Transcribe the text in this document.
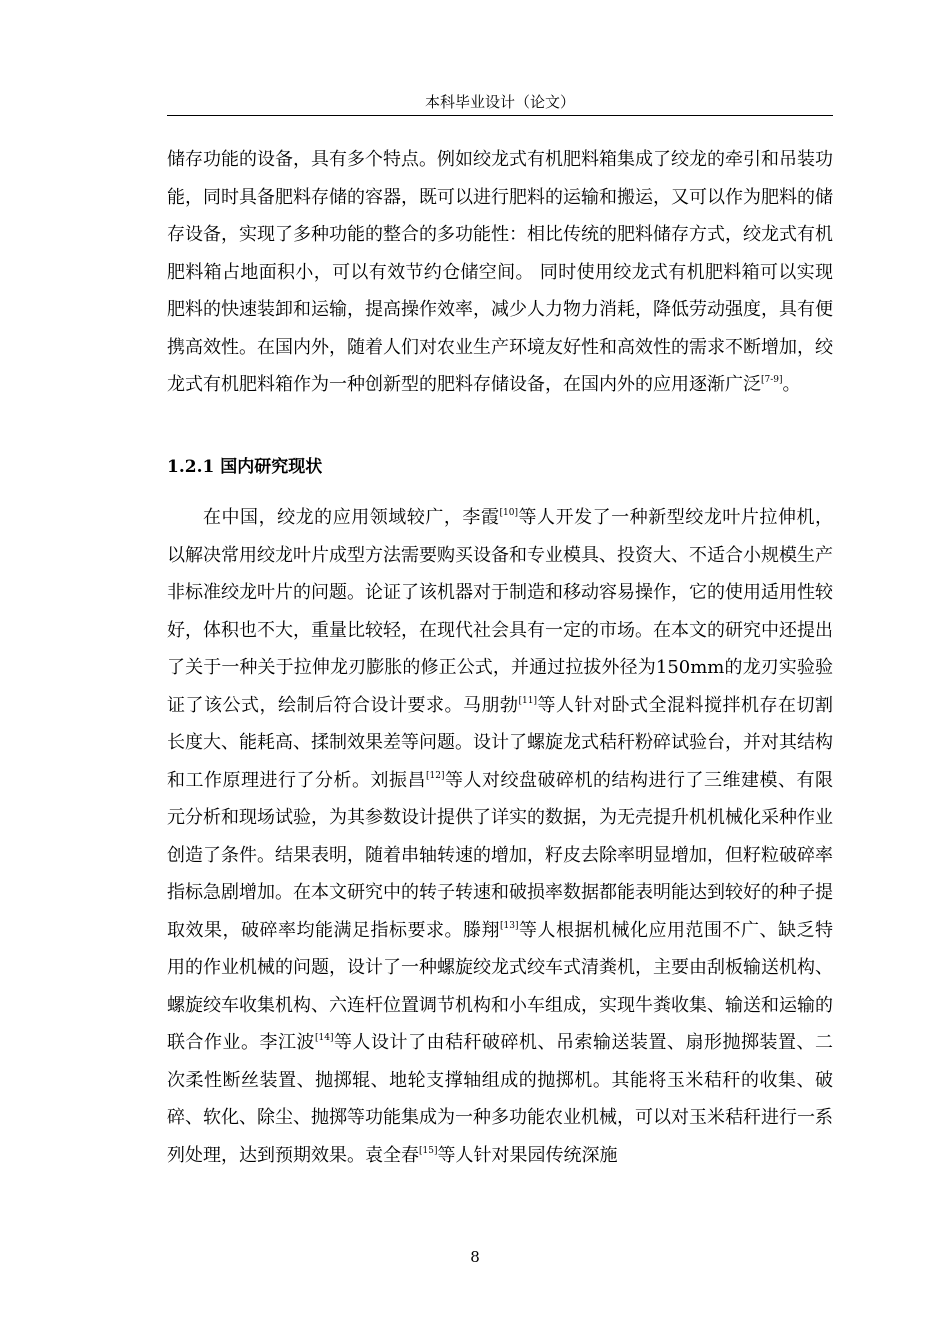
本科毕业设计（论文）

储存功能的设备，具有多个特点。例如绞龙式有机肥料箱集成了绞龙的牵引和吊装功能，同时具备肥料存储的容器，既可以进行肥料的运输和搬运，又可以作为肥料的储存设备，实现了多种功能的整合的多功能性：相比传统的肥料储存方式，绞龙式有机肥料箱占地面积小，可以有效节约仓储空间。 同时使用绞龙式有机肥料箱可以实现肥料的快速装卸和运输，提高操作效率，减少人力物力消耗，降低劳动强度，具有便携高效性。在国内外，随着人们对农业生产环境友好性和高效性的需求不断增加，绞龙式有机肥料箱作为一种创新型的肥料存储设备，在国内外的应用逐渐广泛[7-9]。

1.2.1 国内研究现状

在中国，绞龙的应用领域较广，李霞[10]等人开发了一种新型绞龙叶片拉伸机，以解决常用绞龙叶片成型方法需要购买设备和专业模具、投资大、不适合小规模生产非标准绞龙叶片的问题。论证了该机器对于制造和移动容易操作，它的使用适用性较好，体积也不大，重量比较轻，在现代社会具有一定的市场。在本文的研究中还提出了关于一种关于拉伸龙刃膨胀的修正公式，并通过拉拔外径为150mm的龙刃实验验证了该公式，绘制后符合设计要求。马朋勃[11]等人针对卧式全混料搅拌机存在切割长度大、能耗高、揉制效果差等问题。设计了螺旋龙式秸秆粉碎试验台，并对其结构和工作原理进行了分析。刘振昌[12]等人对绞盘破碎机的结构进行了三维建模、有限元分析和现场试验，为其参数设计提供了详实的数据，为无壳提升机机械化采种作业创造了条件。结果表明，随着串轴转速的增加，籽皮去除率明显增加，但籽粒破碎率指标急剧增加。在本文研究中的转子转速和破损率数据都能表明能达到较好的种子提取效果，破碎率均能满足指标要求。滕翔[13]等人根据机械化应用范围不广、缺乏特用的作业机械的问题，设计了一种螺旋绞龙式绞车式清粪机，主要由刮板输送机构、螺旋绞车收集机构、六连杆位置调节机构和小车组成，实现牛粪收集、输送和运输的联合作业。李江波[14]等人设计了由秸秆破碎机、吊索输送装置、扇形抛掷装置、二次柔性断丝装置、抛掷辊、地轮支撑轴组成的抛掷机。其能将玉米秸秆的收集、破碎、软化、除尘、抛掷等功能集成为一种多功能农业机械，可以对玉米秸秆进行一系列处理，达到预期效果。袁全春[15]等人针对果园传统深施

8
